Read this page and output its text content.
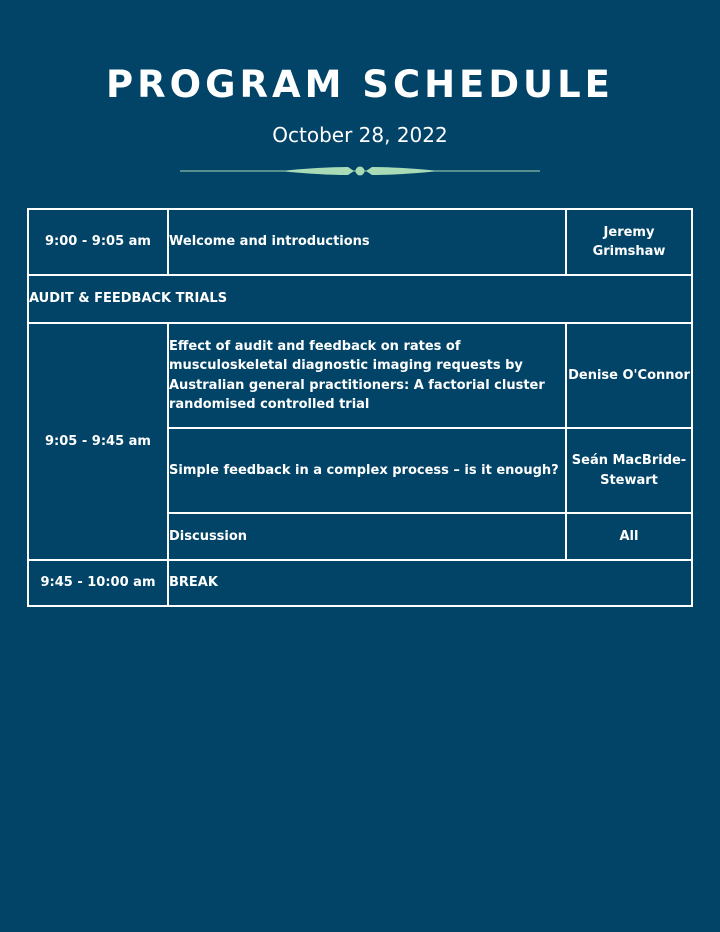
PROGRAM SCHEDULE
October 28, 2022
9:00 - 9:05 am	Welcome and introductions	Jeremy Grimshaw
AUDIT & FEEDBACK TRIALS		
9:05 - 9:45 am	Effect of audit and feedback on rates of musculoskeletal diagnostic imaging requests by Australian general practitioners: A factorial cluster randomised controlled trial	Denise O'Connor
	Simple feedback in a complex process – is it enough?	Seán MacBride-Stewart
	Discussion	All
9:45 - 10:00 am	BREAK	
